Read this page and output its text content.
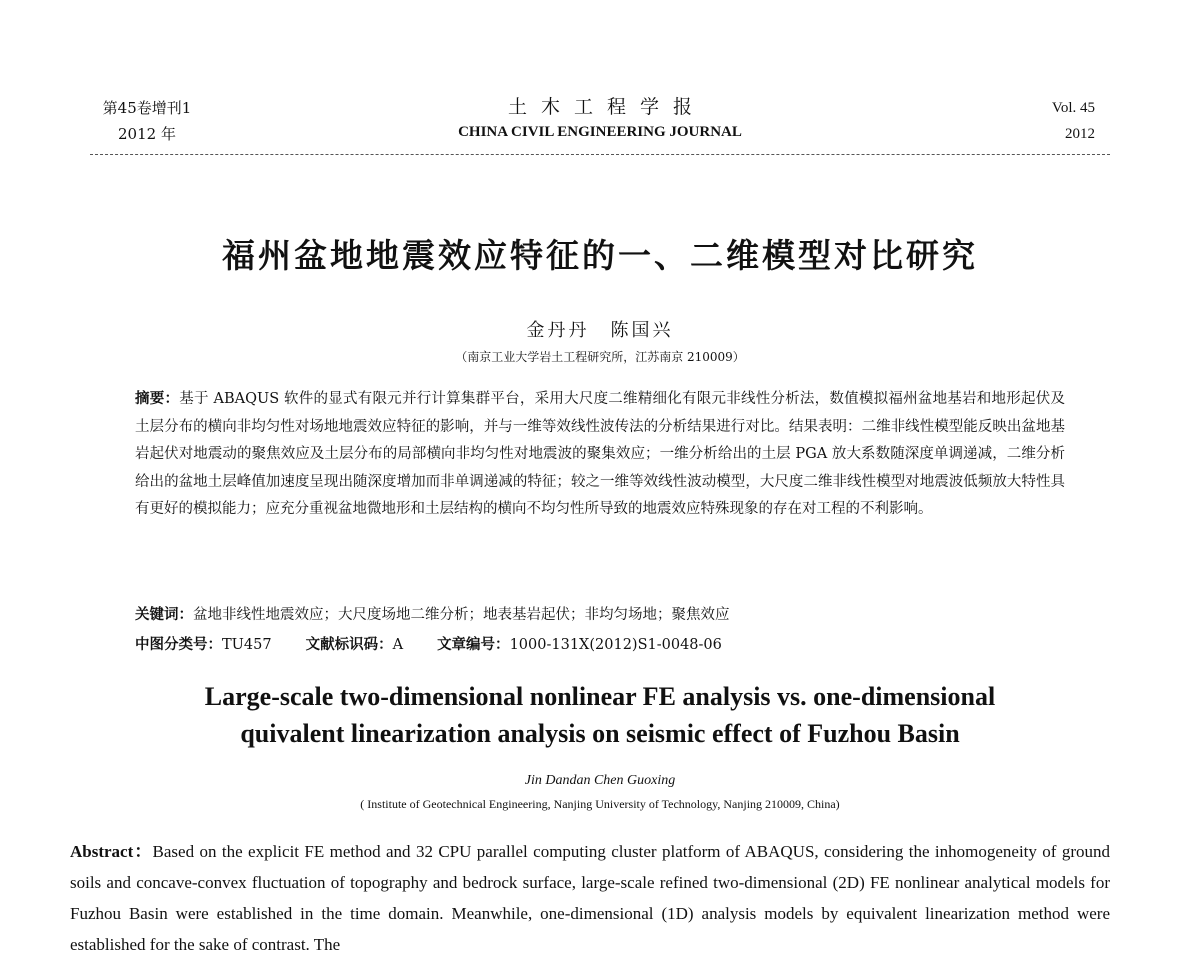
第45卷增刊1
2012 年
土木工程学报
CHINA CIVIL ENGINEERING JOURNAL
Vol. 45
2012
福州盆地地震效应特征的一、二维模型对比研究
金丹丹　陈国兴
（南京工业大学岩土工程研究所，江苏南京 210009）
摘要：基于 ABAQUS 软件的显式有限元并行计算集群平台，采用大尺度二维精细化有限元非线性分析法，数值模拟福州盆地基岩和地形起伏及土层分布的横向非均匀性对场地地震效应特征的影响，并与一维等效线性波传法的分析结果进行对比。结果表明：二维非线性模型能反映出盆地基岩起伏对地震动的聚焦效应及土层分布的局部横向非均匀性对地震波的聚集效应；一维分析给出的土层 PGA 放大系数随深度单调递减，二维分析给出的盆地土层峰值加速度呈现出随深度增加而非单调递减的特征；较之一维等效线性波动模型，大尺度二维非线性模型对地震波低频放大特性具有更好的模拟能力；应充分重视盆地微地形和土层结构的横向不均匀性所导致的地震效应特殊现象的存在对工程的不利影响。
关键词：盆地非线性地震效应；大尺度场地二维分析；地表基岩起伏；非均匀场地；聚焦效应
中图分类号：TU457 文献标识码：A 文章编号：1000-131X(2012)S1-0048-06
Large-scale two-dimensional nonlinear FE analysis vs. one-dimensional
quivalent linearization analysis on seismic effect of Fuzhou Basin
Jin Dandan Chen Guoxing
( Institute of Geotechnical Engineering, Nanjing University of Technology, Nanjing 210009, China)
Abstract：Based on the explicit FE method and 32 CPU parallel computing cluster platform of ABAQUS, considering the inhomogeneity of ground soils and concave-convex fluctuation of topography and bedrock surface, large-scale refined two-dimensional (2D) FE nonlinear analytical models for Fuzhou Basin were established in the time domain. Meanwhile, one-dimensional (1D) analysis models by equivalent linearization method were established for the sake of contrast. The
